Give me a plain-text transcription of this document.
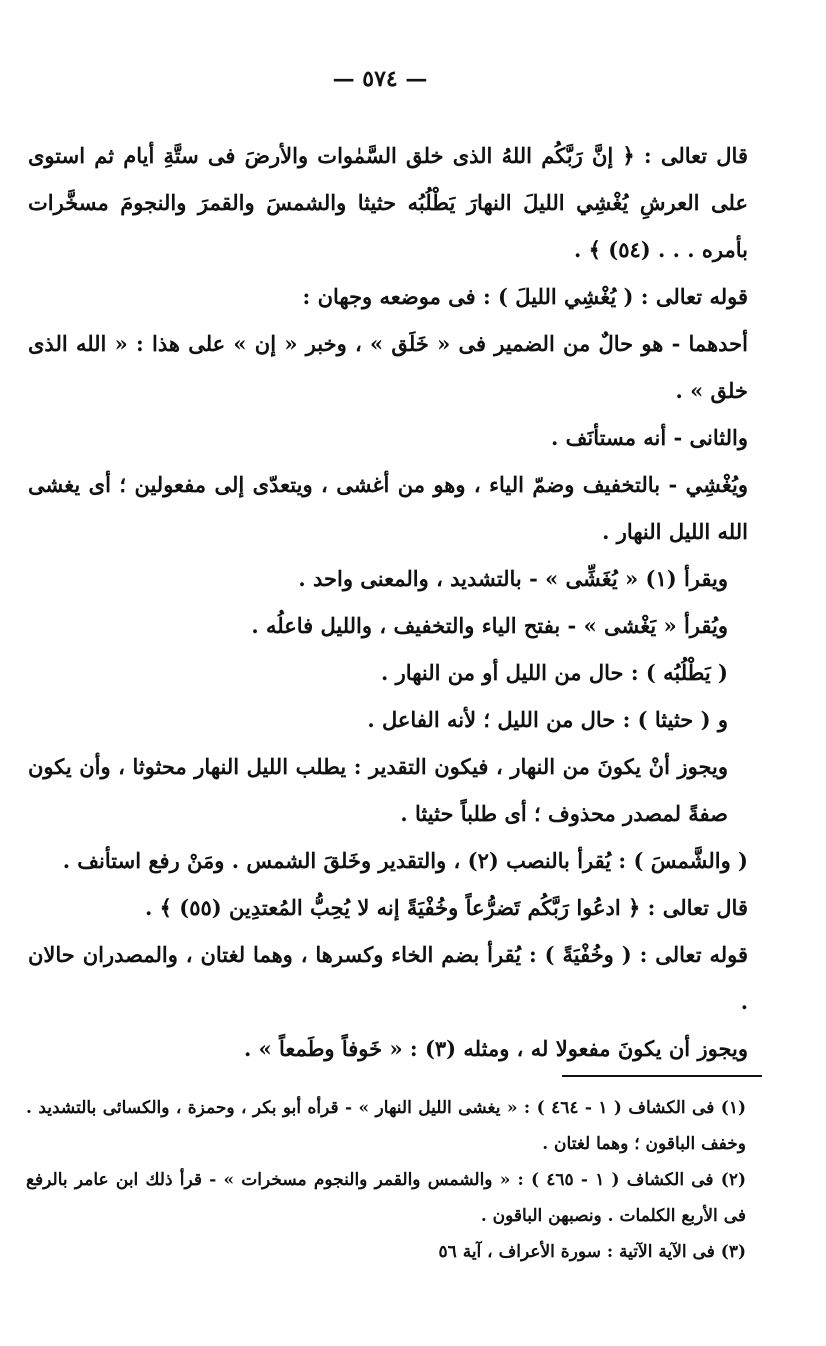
— ٥٧٤ —

قال تعالى : ﴿ إنَّ رَبَّكُم اللهُ الذى خلق السَّمٰوات والأرضَ فى ستَّةِ أيام ثم استوى على العرشِ يُغْشِي الليلَ النهارَ يَطْلُبُه حثيثا والشمسَ والقمرَ والنجومَ مسخَّرات بأمره . . . (٥٤) ﴾ .

قوله تعالى : ( يُغْشِي الليلَ ) : فى موضعه وجهان :

أحدهما - هو حالٌ من الضمير فى « خَلَق » ، وخبر « إن » على هذا : « الله الذى خلق » .

والثانى - أنه مستأنَف .

ويُغْشِي - بالتخفيف وضمّ الياء ، وهو من أغشى ، ويتعدّى إلى مفعولين ؛ أى يغشى الله الليل النهار .

ويقرأ (١) « يُغَشِّى » - بالتشديد ، والمعنى واحد .

ويُقرأ « يَغْشى » - بفتح الياء والتخفيف ، والليل فاعلُه .

( يَطْلُبُه ) : حال من الليل أو من النهار .

و ( حثيثا ) : حال من الليل ؛ لأنه الفاعل .

ويجوز أنْ يكونَ من النهار ، فيكون التقدير : يطلب الليل النهار محثوثا ، وأن يكون صفةً لمصدر محذوف ؛ أى طلباً حثيثا .

( والشَّمسَ ) : يُقرأ بالنصب (٢) ، والتقدير وخَلقَ الشمس . ومَنْ رفع استأنف .

قال تعالى : ﴿ ادعُوا رَبَّكُم تَضرُّعاً وخُفْيَةً إنه لا يُحِبُّ المُعتدِين (٥٥) ﴾ .

قوله تعالى : ( وخُفْيَةً ) : يُقرأ بضم الخاء وكسرها ، وهما لغتان ، والمصدران حالان .

ويجوز أن يكونَ مفعولا له ، ومثله (٣) : « خَوفاً وطَمعاً » .

(١) فى الكشاف ( ١ - ٤٦٤ ) : « يغشى الليل النهار » - قرأه أبو بكر ، وحمزة ، والكسائى بالتشديد . وخفف الباقون ؛ وهما لغتان .

(٢) فى الكشاف ( ١ - ٤٦٥ ) : « والشمس والقمر والنجوم مسخرات » - قرأ ذلك ابن عامر بالرفع فى الأربع الكلمات . ونصبهن الباقون .

(٣) فى الآية الآتية : سورة الأعراف ، آية ٥٦
